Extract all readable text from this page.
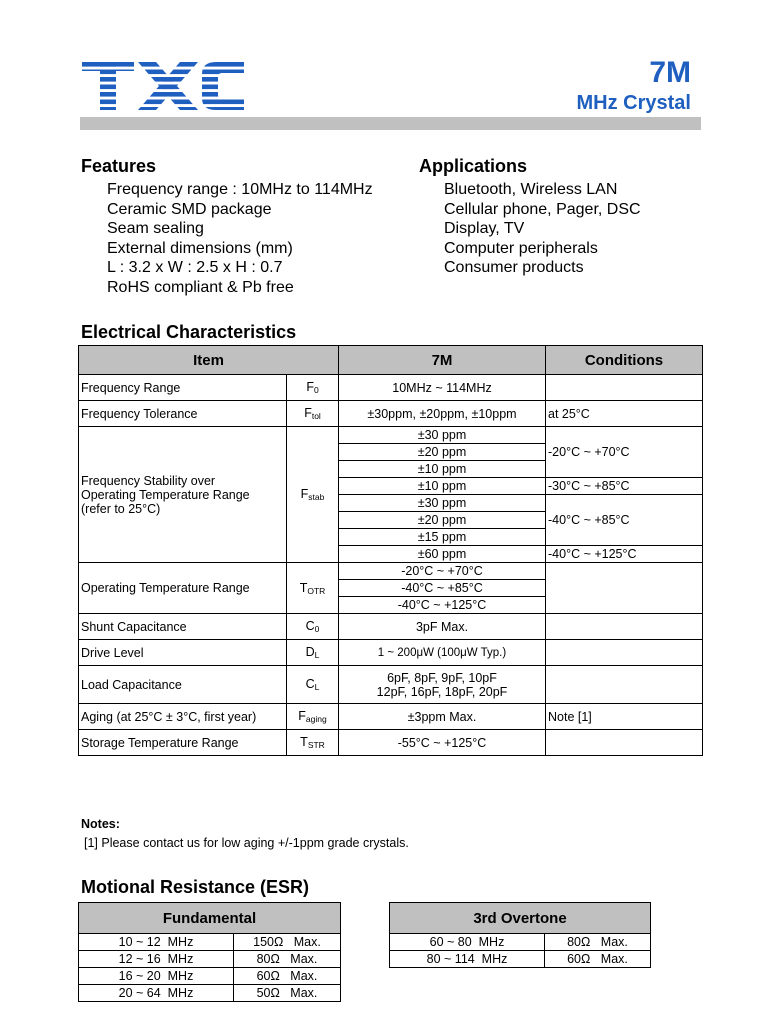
7M
MHz Crystal
Features
Frequency range : 10MHz to 114MHz
Ceramic SMD package
Seam sealing
External dimensions (mm)
L : 3.2 x W : 2.5 x H : 0.7
RoHS compliant & Pb free
Applications
Bluetooth, Wireless LAN
Cellular phone, Pager, DSC
Display, TV
Computer peripherals
Consumer products
Electrical Characteristics
Item		7M	Conditions
Frequency Range	$F_0$	10MHz ~ 114MHz	
Frequency Tolerance	$F_{tol}$	±30ppm, ±20ppm, ±10ppm	at 25°C

Frequency Stability over
Operating Temperature Range
(refer to 25°C)	$F_{stab}$	±30 ppm	-20°C ~ +70°C
		±20 ppm	
		±10 ppm	
		±10 ppm	-30°C ~ +85°C
		±30 ppm	-40°C ~ +85°C
		±20 ppm	
		±15 ppm	
		±60 ppm	-40°C ~ +125°C
Operating Temperature Range	$T_{OTR}$	-20°C ~ +70°C	
		-40°C ~ +85°C	
		-40°C ~ +125°C	
Shunt Capacitance	$C_0$	3pF Max.	
Drive Level	$D_L$	1 ~ 200μW (100μW Typ.)	
Load Capacitance	$C_L$	6pF, 8pF, 9pF, 10pF
12pF, 16pF, 18pF, 20pF	

Aging (at 25°C ± 3°C, first year)	$F_{aging}$	±3ppm Max.	Note [1]
Storage Temperature Range	$T_{STR}$	-55°C ~ +125°C	
Notes:
[1] Please contact us for low aging +/-1ppm grade crystals.
Motional Resistance (ESR)
Fundamental	
10 ~ 12  MHz	150Ω   Max.
12 ~ 16  MHz	80Ω   Max.
16 ~ 20  MHz	60Ω   Max.
20 ~ 64  MHz	50Ω   Max.
3rd Overtone	
60 ~ 80  MHz	80Ω   Max.
80 ~ 114  MHz	60Ω   Max.
